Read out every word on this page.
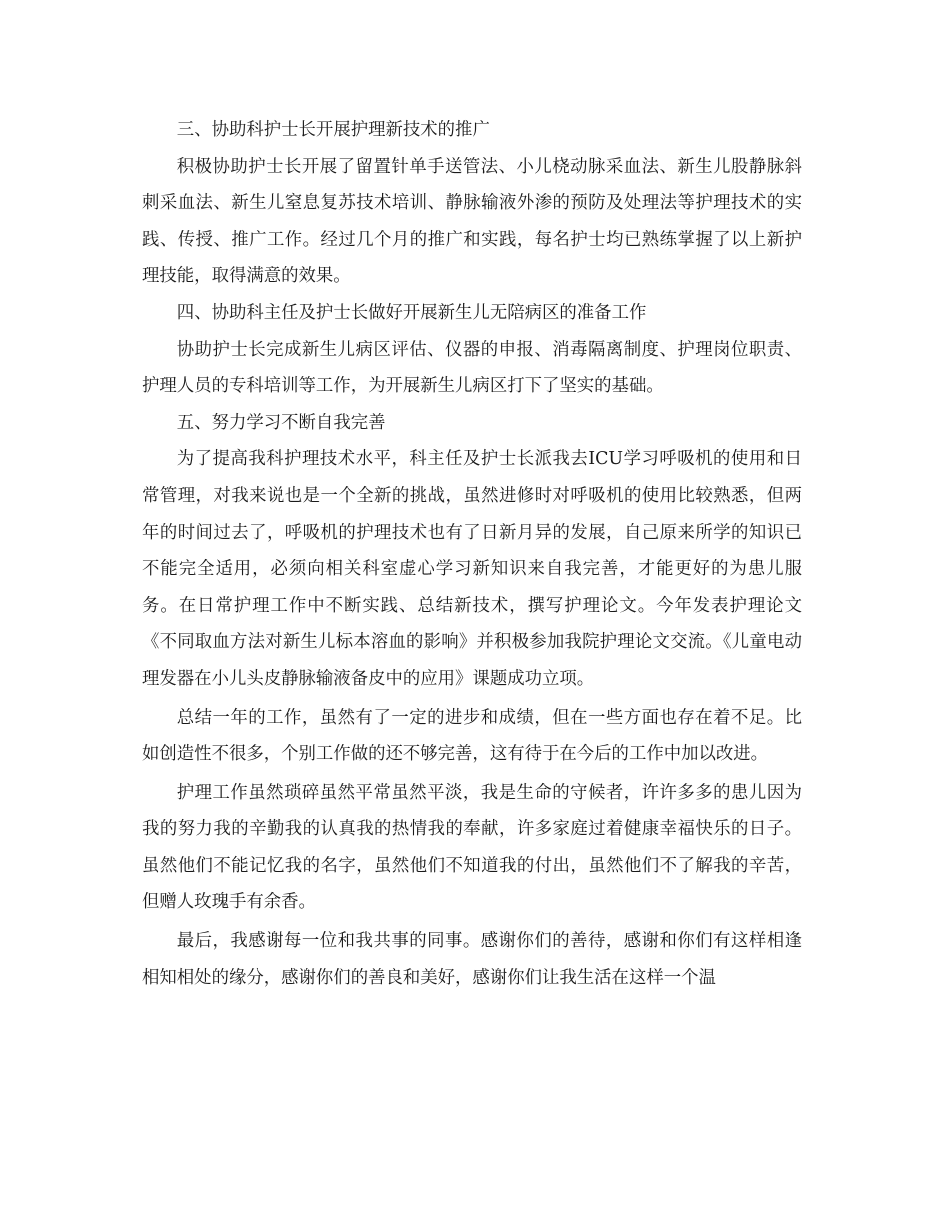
三、协助科护士长开展护理新技术的推广

积极协助护士长开展了留置针单手送管法、小儿桡动脉采血法、新生儿股静脉斜刺采血法、新生儿窒息复苏技术培训、静脉输液外渗的预防及处理法等护理技术的实践、传授、推广工作。经过几个月的推广和实践，每名护士均已熟练掌握了以上新护理技能，取得满意的效果。

四、协助科主任及护士长做好开展新生儿无陪病区的准备工作

协助护士长完成新生儿病区评估、仪器的申报、消毒隔离制度、护理岗位职责、护理人员的专科培训等工作，为开展新生儿病区打下了坚实的基础。

五、努力学习不断自我完善

为了提高我科护理技术水平，科主任及护士长派我去ICU学习呼吸机的使用和日常管理，对我来说也是一个全新的挑战，虽然进修时对呼吸机的使用比较熟悉，但两年的时间过去了，呼吸机的护理技术也有了日新月异的发展，自己原来所学的知识已不能完全适用，必须向相关科室虚心学习新知识来自我完善，才能更好的为患儿服务。在日常护理工作中不断实践、总结新技术，撰写护理论文。今年发表护理论文《不同取血方法对新生儿标本溶血的影响》并积极参加我院护理论文交流。《儿童电动理发器在小儿头皮静脉输液备皮中的应用》课题成功立项。

总结一年的工作，虽然有了一定的进步和成绩，但在一些方面也存在着不足。比如创造性不很多，个别工作做的还不够完善，这有待于在今后的工作中加以改进。

护理工作虽然琐碎虽然平常虽然平淡，我是生命的守候者，许许多多的患儿因为我的努力我的辛勤我的认真我的热情我的奉献，许多家庭过着健康幸福快乐的日子。虽然他们不能记忆我的名字，虽然他们不知道我的付出，虽然他们不了解我的辛苦，但赠人玫瑰手有余香。

最后，我感谢每一位和我共事的同事。感谢你们的善待，感谢和你们有这样相逢相知相处的缘分，感谢你们的善良和美好，感谢你们让我生活在这样一个温
